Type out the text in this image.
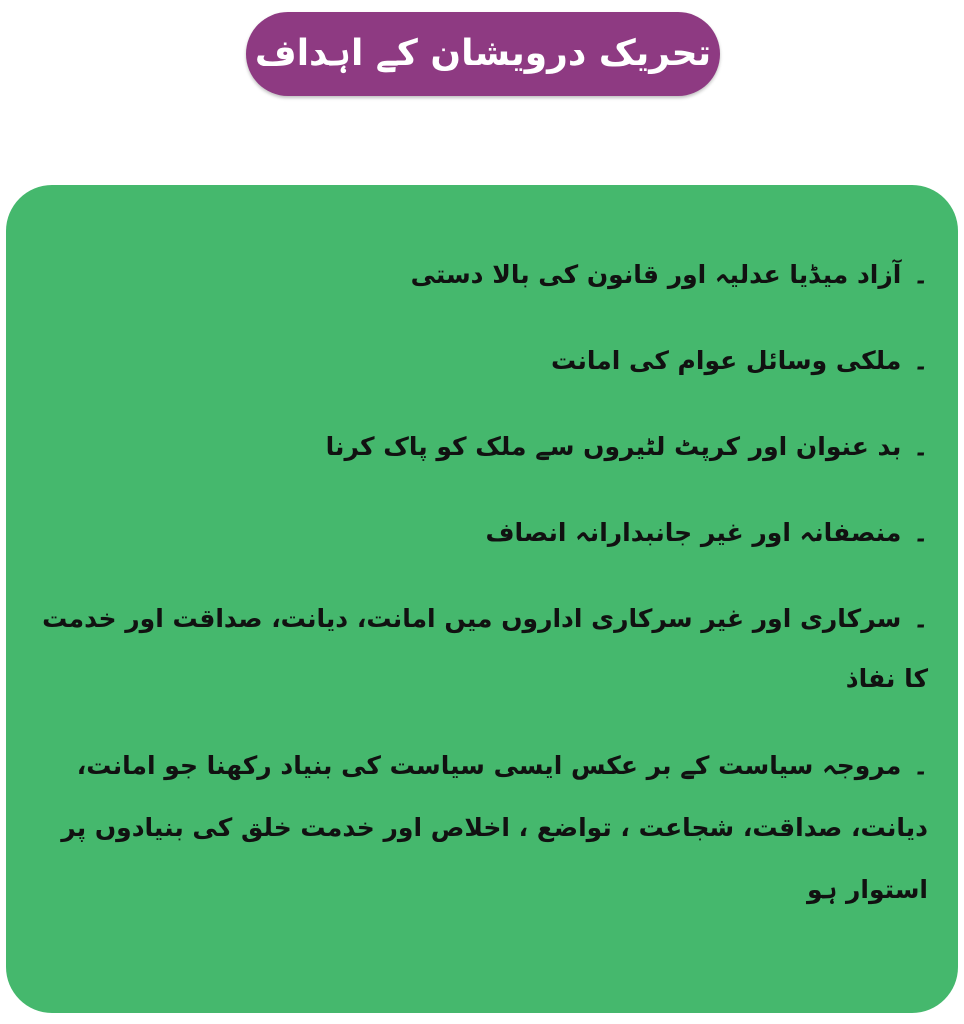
تحریک درویشان کے اہداف
۔آزاد میڈیا عدلیہ اور قانون کی بالا دستی
۔ملکی وسائل عوام کی امانت
۔بد عنوان اور کرپٹ لٹیروں سے ملک کو پاک کرنا
۔منصفانہ اور غیر جانبدارانہ انصاف
۔سرکاری اور غیر سرکاری اداروں میں امانت، دیانت، صداقت اور خدمت کا نفاذ
۔مروجہ سیاست کے بر عکس ایسی سیاست کی بنیاد رکھنا جو امانت، دیانت، صداقت، شجاعت ، تواضع ، اخلاص اور خدمت خلق کی بنیادوں پر استوار ہو
